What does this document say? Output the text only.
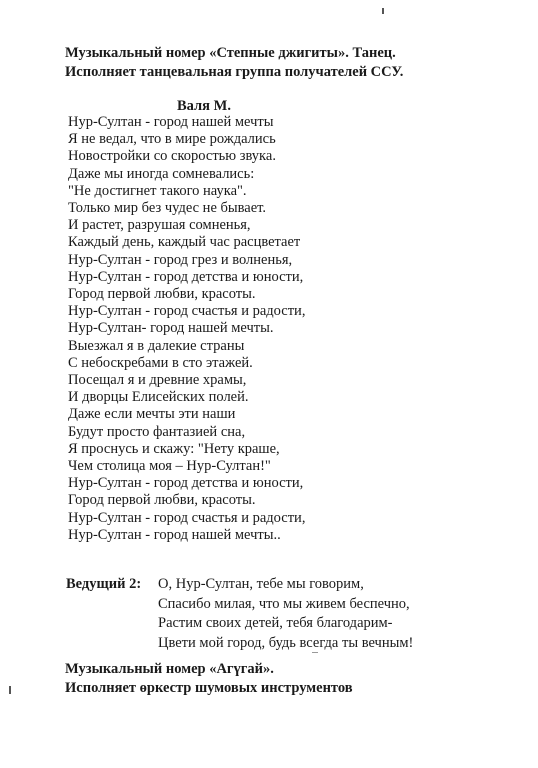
Музыкальный номер «Степные джигиты». Танец.
Исполняет танцевальная группа получателей ССУ.
Валя М.
Нур-Султан - город нашей мечты
Я не ведал, что в мире рождались
Новостройки со скоростью звука.
Даже мы иногда сомневались:
"Не достигнет такого наука".
Только мир без чудес не бывает.
И растет, разрушая сомненья,
Каждый день, каждый час расцветает
Нур-Султан - город грез и волненья,
Нур-Султан - город детства и юности,
Город первой любви, красоты.
Нур-Султан - город счастья и радости,
Нур-Султан- город нашей мечты.
Выезжал я в далекие страны
С небоскребами в сто этажей.
Посещал я и древние храмы,
И дворцы Елисейских полей.
Даже если мечты эти наши
Будут просто фантазией сна,
Я проснусь и скажу: "Нету краше,
Чем столица моя – Нур-Султан!"
Нур-Султан - город детства и юности,
Город первой любви, красоты.
Нур-Султан - город счастья и радости,
Нур-Султан - город нашей мечты..
Ведущий 2: О, Нур-Султан, тебе мы говорим,
Спасибо милая, что мы живем беспечно,
Растим своих детей, тебя благодарим-
Цвети мой город, будь всегда ты вечным!
Музыкальный номер «Агүгай».
Исполняет өркестр шумовых инструментов
